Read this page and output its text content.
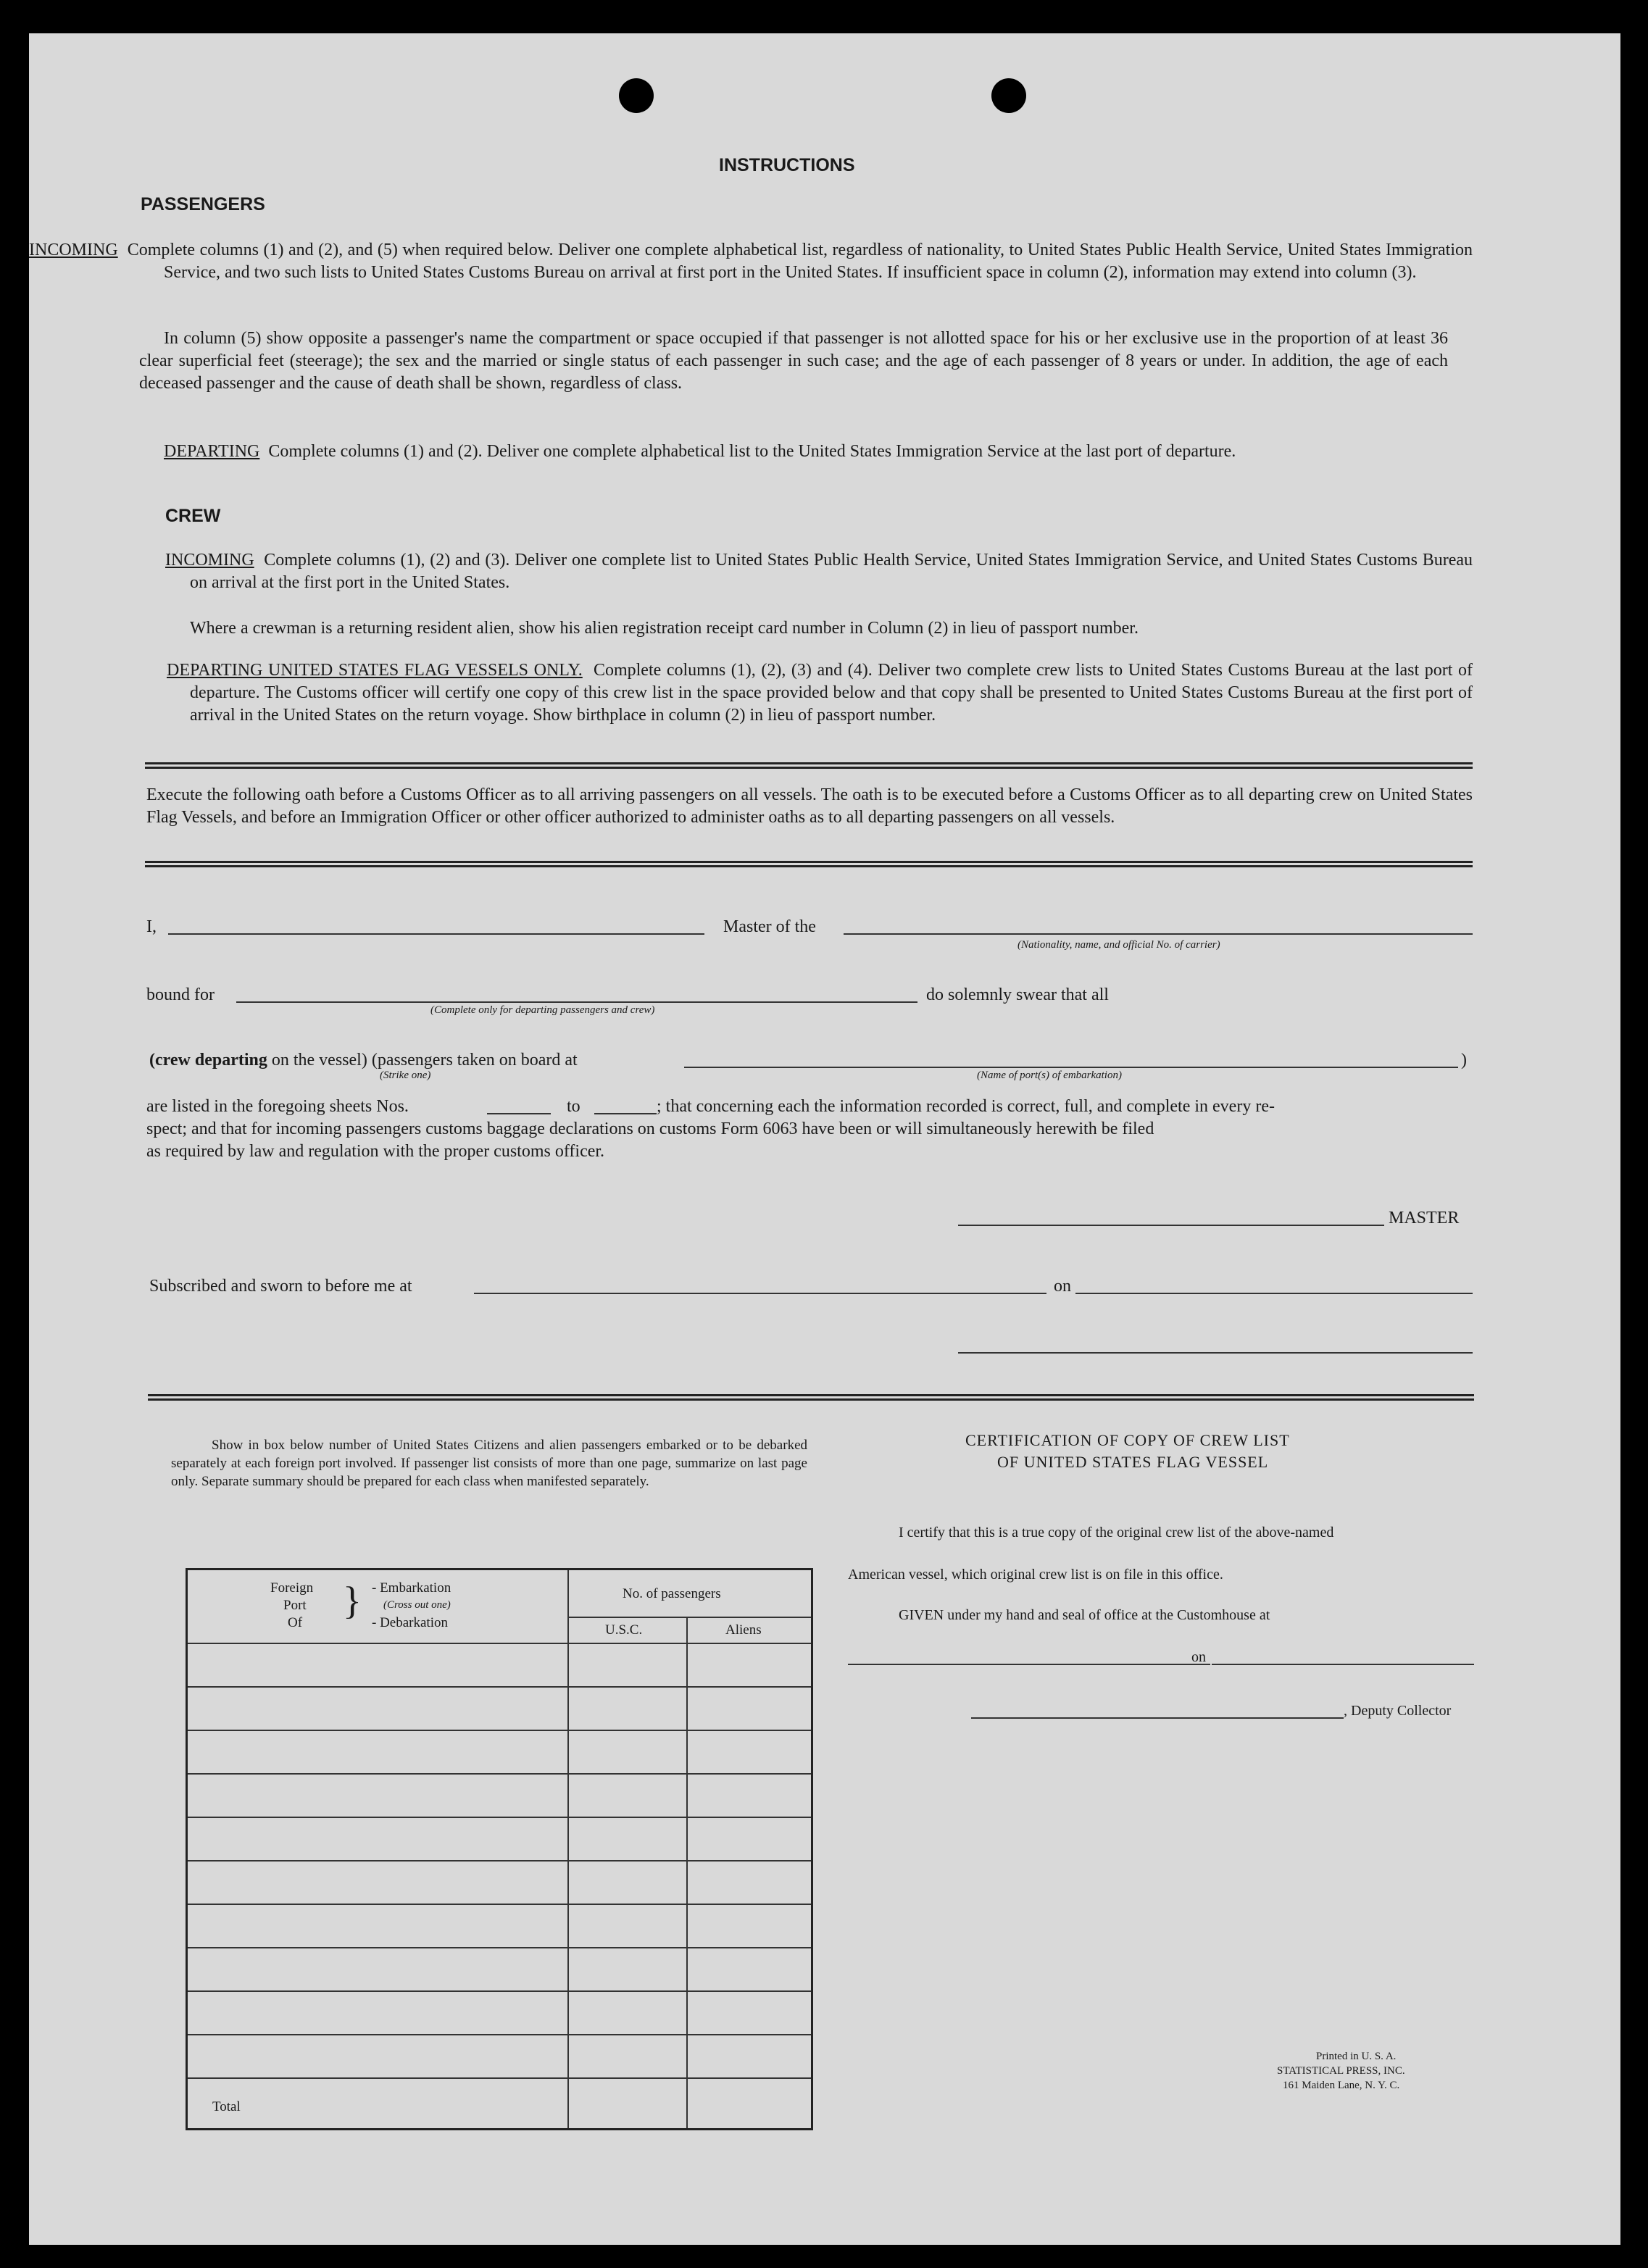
INSTRUCTIONS
PASSENGERS
INCOMING Complete columns (1) and (2), and (5) when required below. Deliver one complete alphabetical list, regardless of nationality, to United States Public Health Service, United States Immigration Service, and two such lists to United States Customs Bureau on arrival at first port in the United States. If insufficient space in column (2), information may extend into column (3).
In column (5) show opposite a passenger's name the compartment or space occupied if that passenger is not allotted space for his or her exclusive use in the proportion of at least 36 clear superficial feet (steerage); the sex and the married or single status of each passenger in such case; and the age of each passenger of 8 years or under. In addition, the age of each deceased passenger and the cause of death shall be shown, regardless of class.
DEPARTING Complete columns (1) and (2). Deliver one complete alphabetical list to the United States Immigration Service at the last port of departure.
CREW
INCOMING Complete columns (1), (2) and (3). Deliver one complete list to United States Public Health Service, United States Immigration Service, and United States Customs Bureau on arrival at the first port in the United States.
Where a crewman is a returning resident alien, show his alien registration receipt card number in Column (2) in lieu of passport number.
DEPARTING UNITED STATES FLAG VESSELS ONLY. Complete columns (1), (2), (3) and (4). Deliver two complete crew lists to United States Customs Bureau at the last port of departure. The Customs officer will certify one copy of this crew list in the space provided below and that copy shall be presented to United States Customs Bureau at the first port of arrival in the United States on the return voyage. Show birthplace in column (2) in lieu of passport number.
Execute the following oath before a Customs Officer as to all arriving passengers on all vessels. The oath is to be executed before a Customs Officer as to all departing crew on United States Flag Vessels, and before an Immigration Officer or other officer authorized to administer oaths as to all departing passengers on all vessels.
I,	Master of the
(Nationality, name, and official No. of carrier)
bound for
(Complete only for departing passengers and crew)
do solemnly swear that all
(crew departing on the vessel) (passengers taken on board at
(Strike one)
)
(Name of port(s) of embarkation)
are listed in the foregoing sheets Nos.	to	; that concerning each the information recorded is correct, full, and complete in every re-
spect; and that for incoming passengers customs baggage declarations on customs Form 6063 have been or will simultaneously herewith be filed
as required by law and regulation with the proper customs officer.
MASTER
Subscribed and sworn to before me at	on
Show in box below number of United States Citizens and alien passengers embarked or to be debarked separately at each foreign port involved. If passenger list consists of more than one page, summarize on last page only. Separate summary should be prepared for each class when manifested separately.
Foreign
Port
Of
} - Embarkation
(Cross out one)
- Debarkation
No. of passengers
U.S.C.	Aliens
Total
CERTIFICATION OF COPY OF CREW LIST
OF UNITED STATES FLAG VESSEL
I certify that this is a true copy of the original crew list of the above-named
American vessel, which original crew list is on file in this office.
GIVEN under my hand and seal of office at the Customhouse at
on
, Deputy Collector
Printed in U. S. A.
STATISTICAL PRESS, INC.
161 Maiden Lane, N. Y. C.
